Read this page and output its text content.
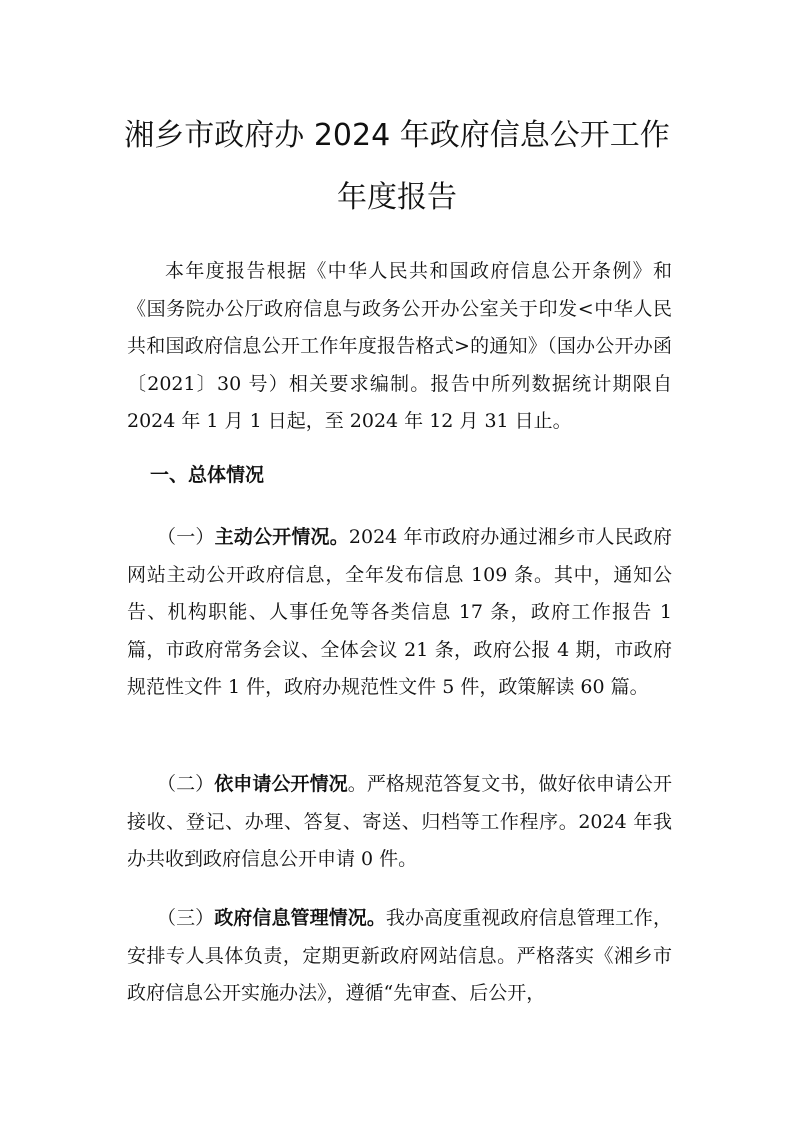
湘乡市政府办 2024 年政府信息公开工作
年度报告

本年度报告根据《中华人民共和国政府信息公开条例》和《国务院办公厅政府信息与政务公开办公室关于印发<中华人民共和国政府信息公开工作年度报告格式>的通知》（国办公开办函〔2021〕30 号）相关要求编制。报告中所列数据统计期限自 2024 年 1 月 1 日起，至 2024 年 12 月 31 日止。

一、总体情况

（一）主动公开情况。2024 年市政府办通过湘乡市人民政府网站主动公开政府信息，全年发布信息 109 条。其中，通知公告、机构职能、人事任免等各类信息 17 条，政府工作报告 1 篇，市政府常务会议、全体会议 21 条，政府公报 4 期，市政府规范性文件 1 件，政府办规范性文件 5 件，政策解读 60 篇。

（二）依申请公开情况。严格规范答复文书，做好依申请公开接收、登记、办理、答复、寄送、归档等工作程序。2024 年我办共收到政府信息公开申请 0 件。

（三）政府信息管理情况。我办高度重视政府信息管理工作，安排专人具体负责，定期更新政府网站信息。严格落实《湘乡市政府信息公开实施办法》，遵循“先审查、后公开，
